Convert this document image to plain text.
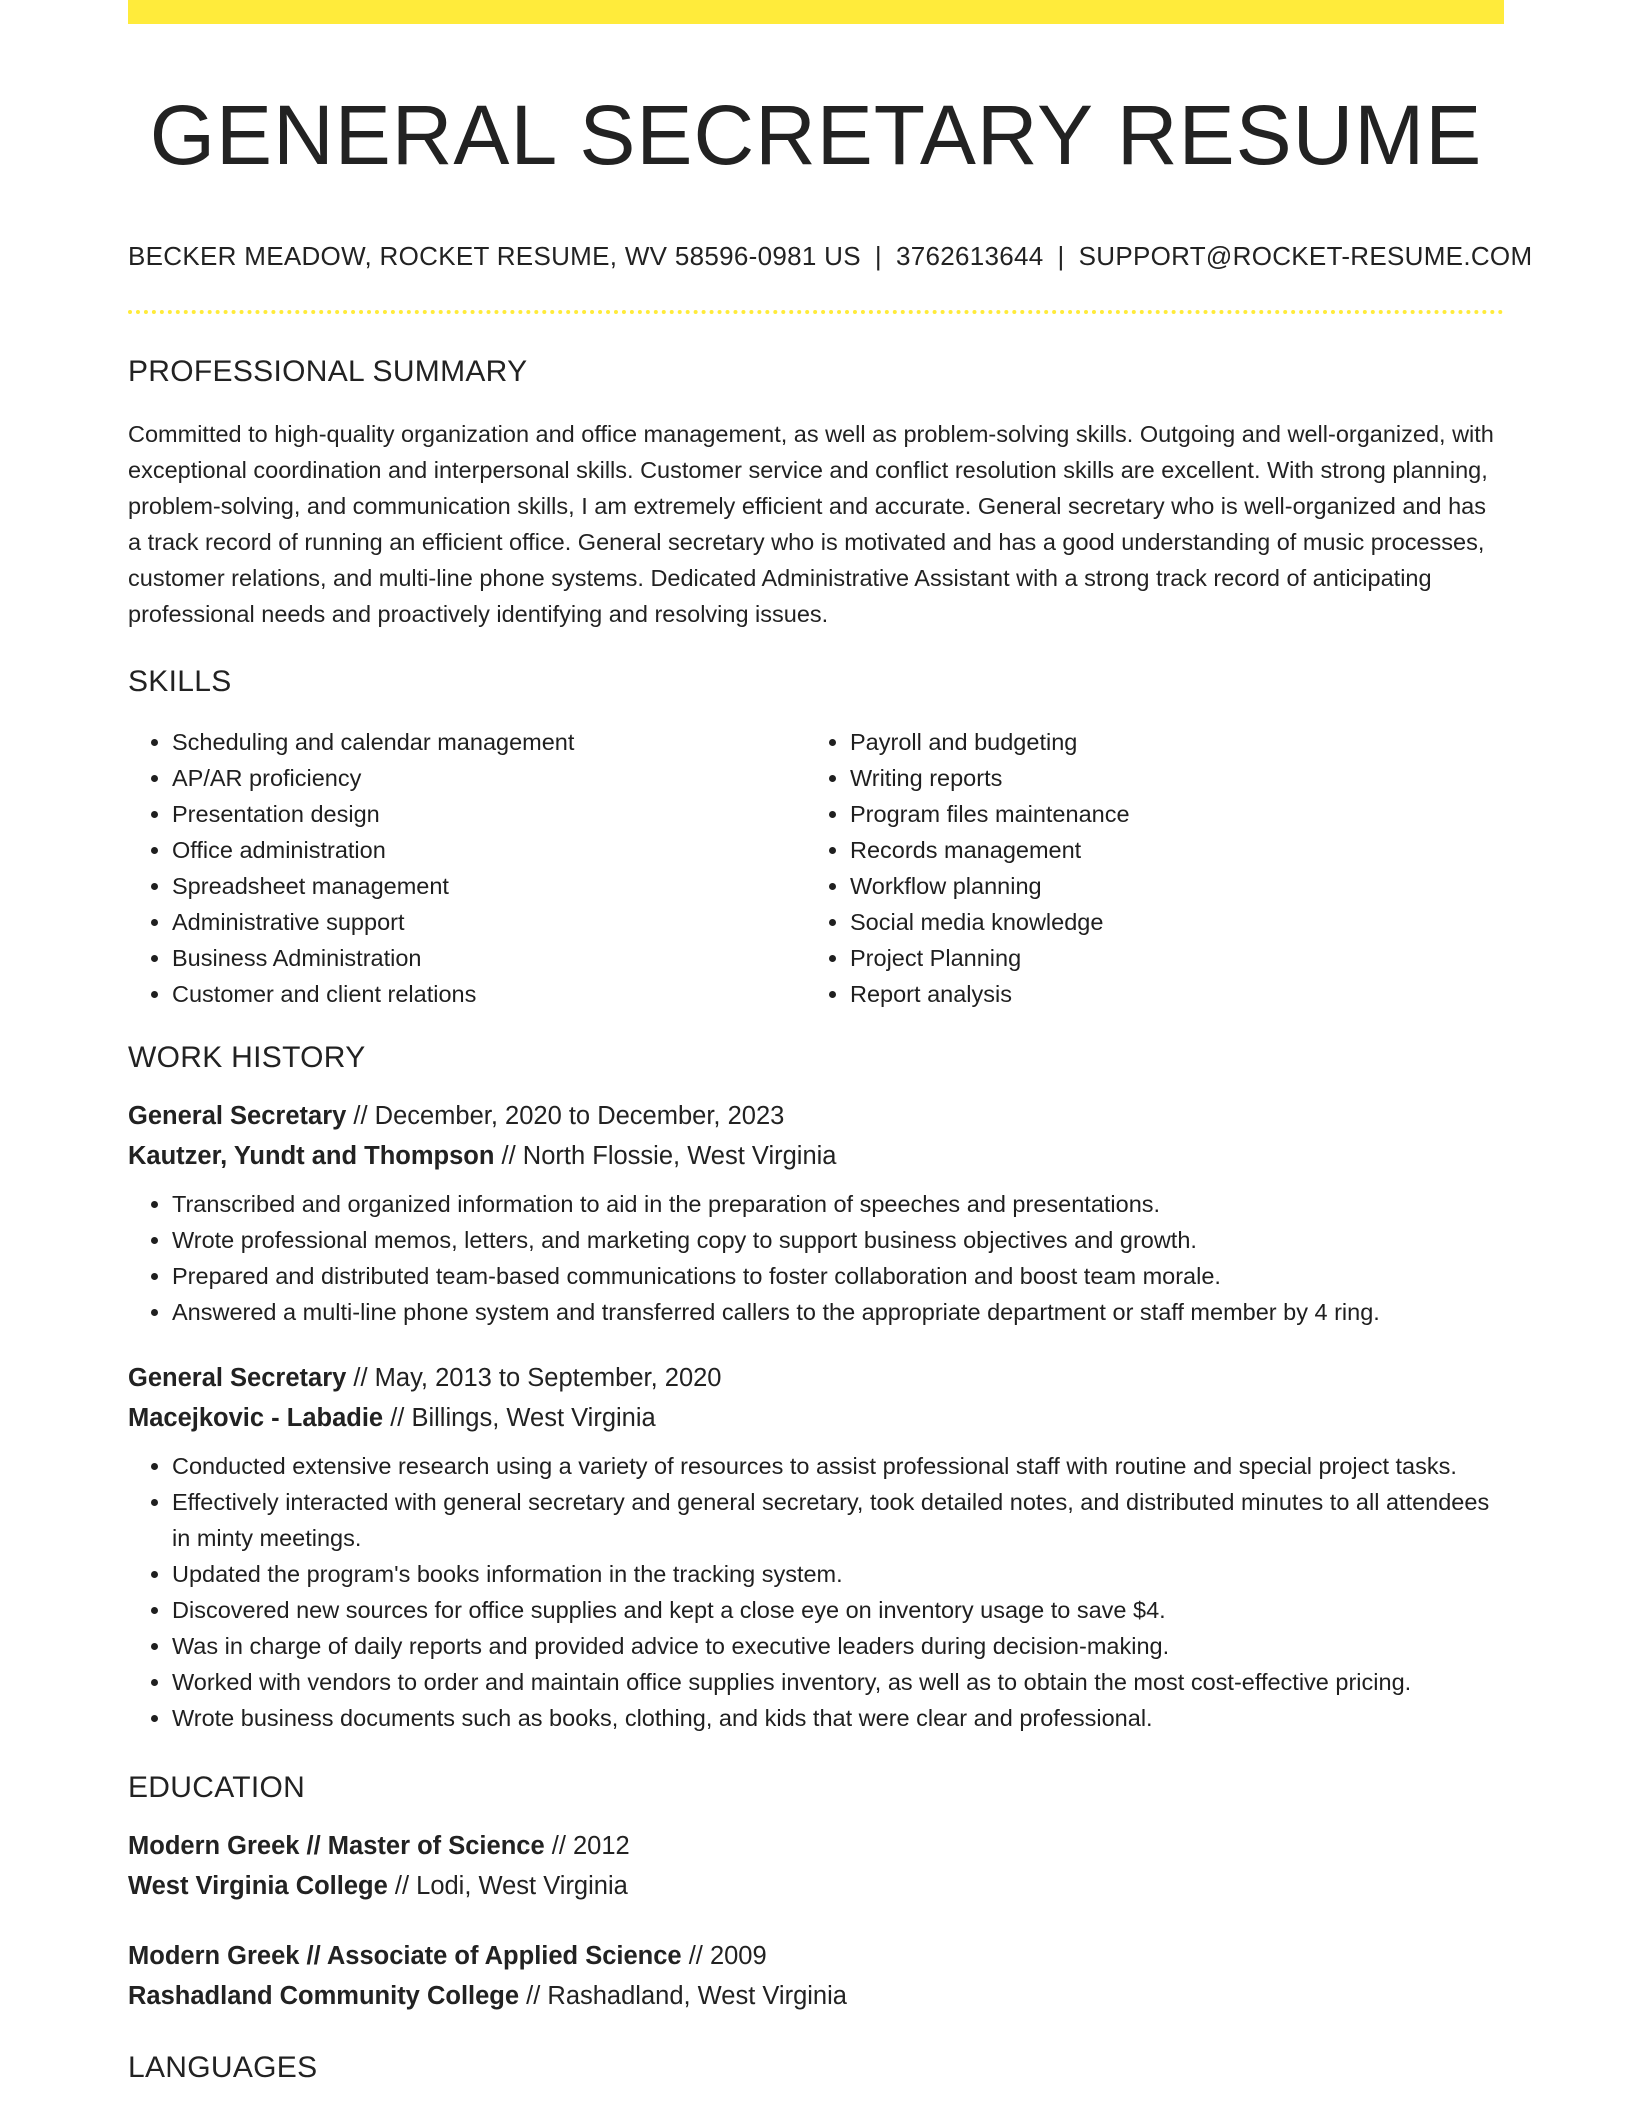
GENERAL SECRETARY RESUME
BECKER MEADOW, ROCKET RESUME, WV 58596-0981 US | 3762613644 | SUPPORT@ROCKET-RESUME.COM
PROFESSIONAL SUMMARY

Committed to high-quality organization and office management, as well as problem-solving skills. Outgoing and well-organized, with exceptional coordination and interpersonal skills. Customer service and conflict resolution skills are excellent. With strong planning, problem-solving, and communication skills, I am extremely efficient and accurate. General secretary who is well-organized and has a track record of running an efficient office. General secretary who is motivated and has a good understanding of music processes, customer relations, and multi-line phone systems. Dedicated Administrative Assistant with a strong track record of anticipating professional needs and proactively identifying and resolving issues.

SKILLS
• Scheduling and calendar management
• AP/AR proficiency
• Presentation design
• Office administration
• Spreadsheet management
• Administrative support
• Business Administration
• Customer and client relations
• Payroll and budgeting
• Writing reports
• Program files maintenance
• Records management
• Workflow planning
• Social media knowledge
• Project Planning
• Report analysis
WORK HISTORY
General Secretary // December, 2020 to December, 2023
Kautzer, Yundt and Thompson // North Flossie, West Virginia
• Transcribed and organized information to aid in the preparation of speeches and presentations.
• Wrote professional memos, letters, and marketing copy to support business objectives and growth.
• Prepared and distributed team-based communications to foster collaboration and boost team morale.
• Answered a multi-line phone system and transferred callers to the appropriate department or staff member by 4 ring.
General Secretary // May, 2013 to September, 2020
Macejkovic - Labadie // Billings, West Virginia
• Conducted extensive research using a variety of resources to assist professional staff with routine and special project tasks.
• Effectively interacted with general secretary and general secretary, took detailed notes, and distributed minutes to all attendees in minty meetings.
• Updated the program's books information in the tracking system.
• Discovered new sources for office supplies and kept a close eye on inventory usage to save $4.
• Was in charge of daily reports and provided advice to executive leaders during decision-making.
• Worked with vendors to order and maintain office supplies inventory, as well as to obtain the most cost-effective pricing.
• Wrote business documents such as books, clothing, and kids that were clear and professional.
EDUCATION
Modern Greek // Master of Science // 2012
West Virginia College // Lodi, West Virginia
Modern Greek // Associate of Applied Science // 2009
Rashadland Community College // Rashadland, West Virginia
LANGUAGES
